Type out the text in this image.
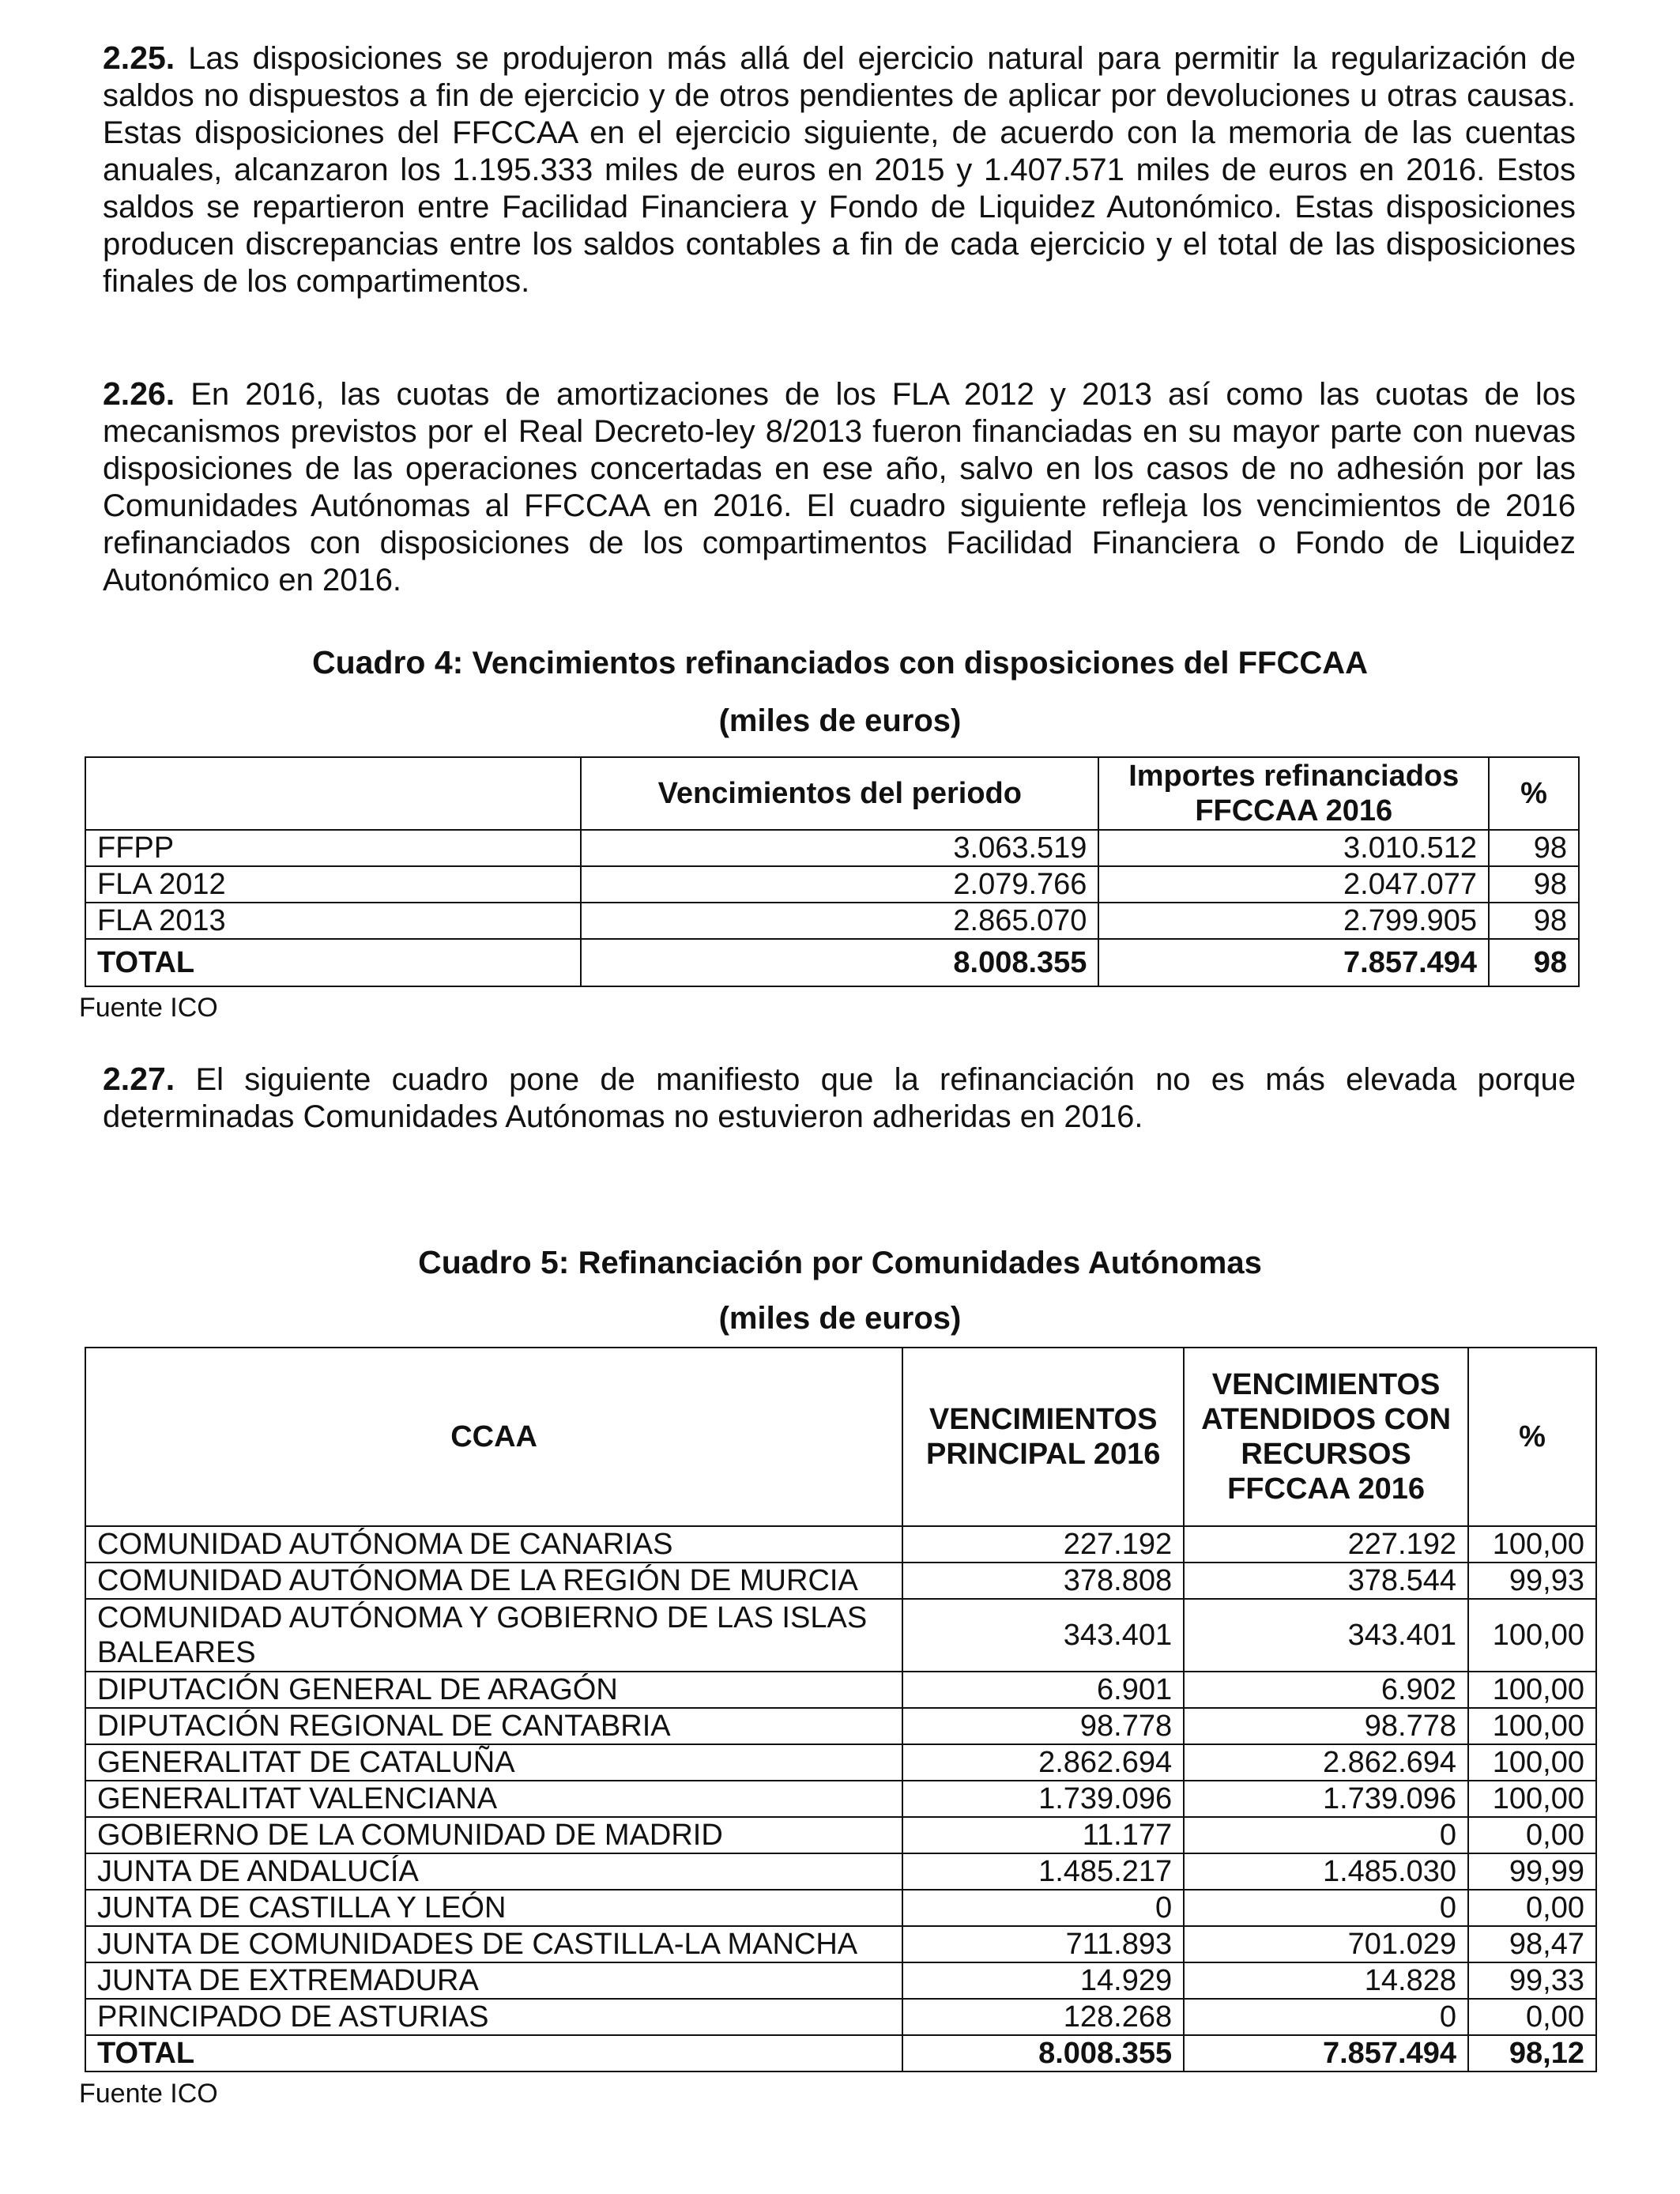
2.25. Las disposiciones se produjeron más allá del ejercicio natural para permitir la regularización de saldos no dispuestos a fin de ejercicio y de otros pendientes de aplicar por devoluciones u otras causas. Estas disposiciones del FFCCAA en el ejercicio siguiente, de acuerdo con la memoria de las cuentas anuales, alcanzaron los 1.195.333 miles de euros en 2015 y 1.407.571 miles de euros en 2016. Estos saldos se repartieron entre Facilidad Financiera y Fondo de Liquidez Autonómico. Estas disposiciones producen discrepancias entre los saldos contables a fin de cada ejercicio y el total de las disposiciones finales de los compartimentos.

2.26. En 2016, las cuotas de amortizaciones de los FLA 2012 y 2013 así como las cuotas de los mecanismos previstos por el Real Decreto-ley 8/2013 fueron financiadas en su mayor parte con nuevas disposiciones de las operaciones concertadas en ese año, salvo en los casos de no adhesión por las Comunidades Autónomas al FFCCAA en 2016. El cuadro siguiente refleja los vencimientos de 2016 refinanciados con disposiciones de los compartimentos Facilidad Financiera o Fondo de Liquidez Autonómico en 2016.

Cuadro 4: Vencimientos refinanciados con disposiciones del FFCCAA
(miles de euros)
	Vencimientos del periodo	Importes refinanciados FFCCAA 2016	%
FFPP	3.063.519	3.010.512	98
FLA 2012	2.079.766	2.047.077	98
FLA 2013	2.865.070	2.799.905	98
TOTAL	8.008.355	7.857.494	98
Fuente ICO

2.27. El siguiente cuadro pone de manifiesto que la refinanciación no es más elevada porque determinadas Comunidades Autónomas no estuvieron adheridas en 2016.

Cuadro 5: Refinanciación por Comunidades Autónomas
(miles de euros)
CCAA	VENCIMIENTOS PRINCIPAL 2016	VENCIMIENTOS ATENDIDOS CON RECURSOS FFCCAA 2016	%
COMUNIDAD AUTÓNOMA DE CANARIAS	227.192	227.192	100,00
COMUNIDAD AUTÓNOMA DE LA REGIÓN DE MURCIA	378.808	378.544	99,93
COMUNIDAD AUTÓNOMA Y GOBIERNO DE LAS ISLAS BALEARES	343.401	343.401	100,00
DIPUTACIÓN GENERAL DE ARAGÓN	6.901	6.902	100,00
DIPUTACIÓN REGIONAL DE CANTABRIA	98.778	98.778	100,00
GENERALITAT DE CATALUÑA	2.862.694	2.862.694	100,00
GENERALITAT VALENCIANA	1.739.096	1.739.096	100,00
GOBIERNO DE LA COMUNIDAD DE MADRID	11.177	0	0,00
JUNTA DE ANDALUCÍA	1.485.217	1.485.030	99,99
JUNTA DE CASTILLA Y LEÓN	0	0	0,00
JUNTA DE COMUNIDADES DE CASTILLA-LA MANCHA	711.893	701.029	98,47
JUNTA DE EXTREMADURA	14.929	14.828	99,33
PRINCIPADO DE ASTURIAS	128.268	0	0,00
TOTAL	8.008.355	7.857.494	98,12
Fuente ICO
